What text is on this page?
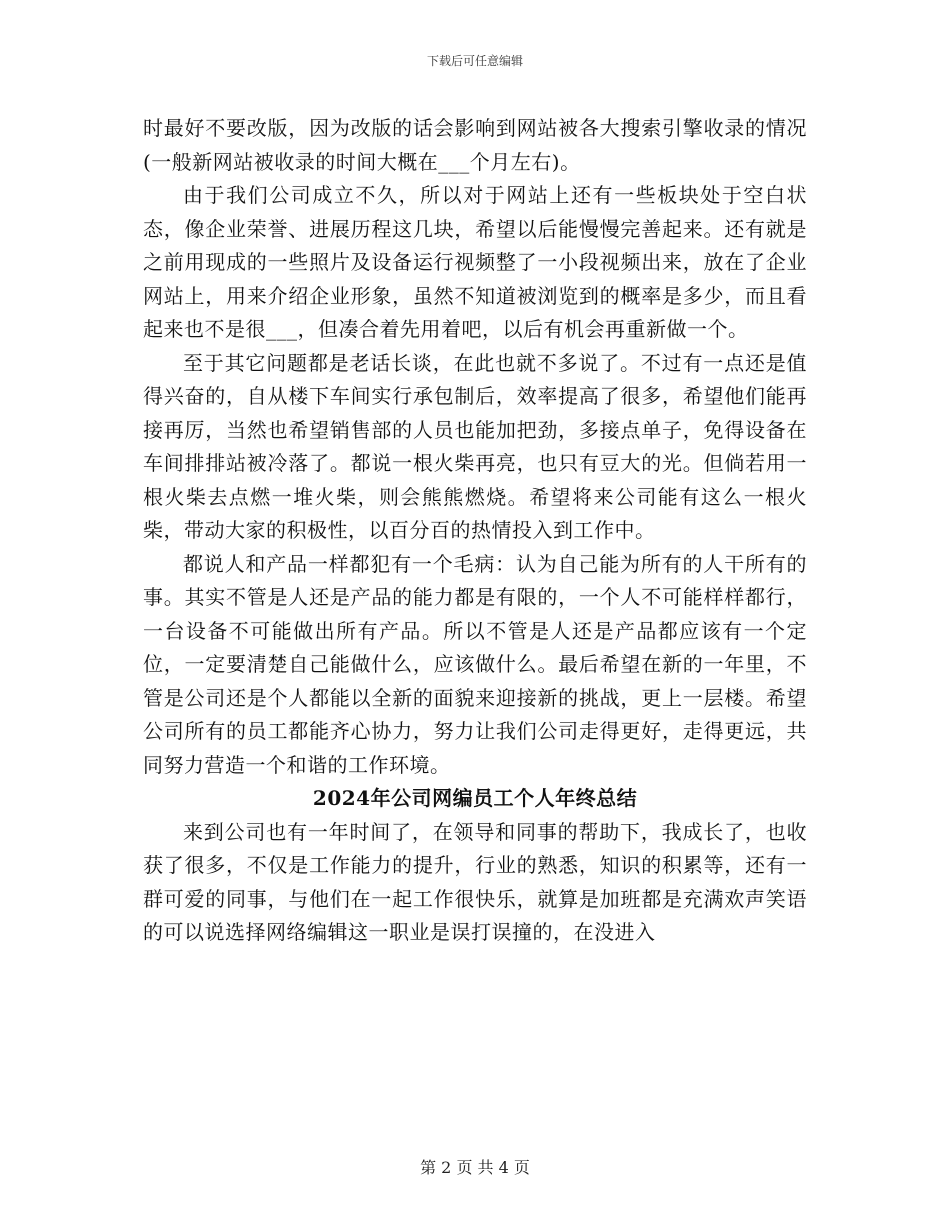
下载后可任意编辑

时最好不要改版，因为改版的话会影响到网站被各大搜索引擎收录的情况(一般新网站被收录的时间大概在___个月左右)。

由于我们公司成立不久，所以对于网站上还有一些板块处于空白状态，像企业荣誉、进展历程这几块，希望以后能慢慢完善起来。还有就是之前用现成的一些照片及设备运行视频整了一小段视频出来，放在了企业网站上，用来介绍企业形象，虽然不知道被浏览到的概率是多少，而且看起来也不是很___，但凑合着先用着吧，以后有机会再重新做一个。

至于其它问题都是老话长谈，在此也就不多说了。不过有一点还是值得兴奋的，自从楼下车间实行承包制后，效率提高了很多，希望他们能再接再厉，当然也希望销售部的人员也能加把劲，多接点单子，免得设备在车间排排站被冷落了。都说一根火柴再亮，也只有豆大的光。但倘若用一根火柴去点燃一堆火柴，则会熊熊燃烧。希望将来公司能有这么一根火柴，带动大家的积极性，以百分百的热情投入到工作中。

都说人和产品一样都犯有一个毛病：认为自己能为所有的人干所有的事。其实不管是人还是产品的能力都是有限的，一个人不可能样样都行，一台设备不可能做出所有产品。所以不管是人还是产品都应该有一个定位，一定要清楚自己能做什么，应该做什么。最后希望在新的一年里，不管是公司还是个人都能以全新的面貌来迎接新的挑战，更上一层楼。希望公司所有的员工都能齐心协力，努力让我们公司走得更好，走得更远，共同努力营造一个和谐的工作环境。

2024年公司网编员工个人年终总结

来到公司也有一年时间了，在领导和同事的帮助下，我成长了，也收获了很多，不仅是工作能力的提升，行业的熟悉，知识的积累等，还有一群可爱的同事，与他们在一起工作很快乐，就算是加班都是充满欢声笑语的可以说选择网络编辑这一职业是误打误撞的，在没进入

第 2 页 共 4 页
